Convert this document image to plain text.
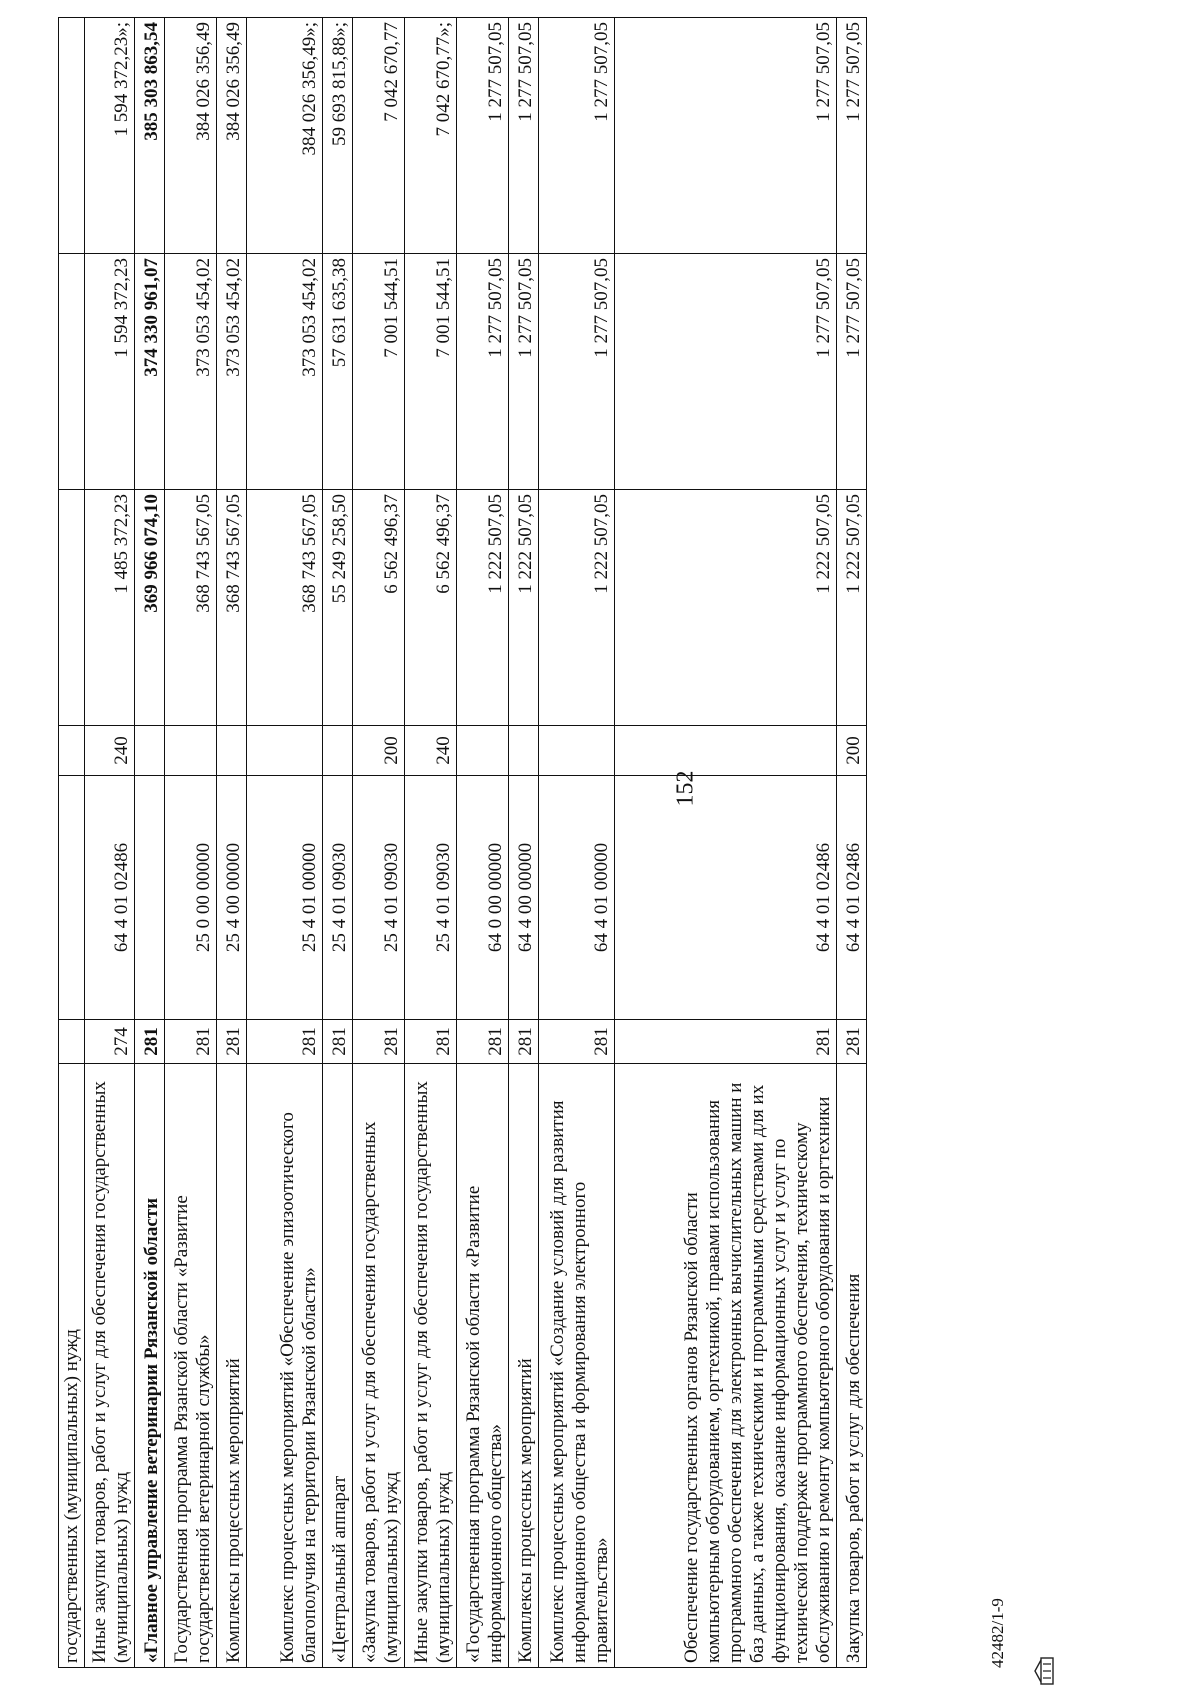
государственных (муниципальных) нужд						
Иные закупки товаров, работ и услуг для обеспечения государственных (муниципальных) нужд	274	64 4 01 02486	240	1 485 372,23	1 594 372,23	1 594 372,23»;
«Главное управление ветеринарии Рязанской области	281			369 966 074,10	374 330 961,07	385 303 863,54
Государственная программа Рязанской области «Развитие государственной ветеринарной службы»	281	25 0 00 00000		368 743 567,05	373 053 454,02	384 026 356,49
Комплексы процессных мероприятий	281	25 4 00 00000		368 743 567,05	373 053 454,02	384 026 356,49
Комплекс процессных мероприятий «Обеспечение эпизоотического благополучия на территории Рязанской области»	281	25 4 01 00000		368 743 567,05	373 053 454,02	384 026 356,49»;
«Центральный аппарат	281	25 4 01 09030		55 249 258,50	57 631 635,38	59 693 815,88»;
«Закупка товаров, работ и услуг для обеспечения государственных (муниципальных) нужд	281	25 4 01 09030	200	6 562 496,37	7 001 544,51	7 042 670,77
Иные закупки товаров, работ и услуг для обеспечения государственных (муниципальных) нужд	281	25 4 01 09030	240	6 562 496,37	7 001 544,51	7 042 670,77»;
«Государственная программа Рязанской области «Развитие информационного общества»	281	64 0 00 00000		1 222 507,05	1 277 507,05	1 277 507,05
Комплексы процессных мероприятий	281	64 4 00 00000		1 222 507,05	1 277 507,05	1 277 507,05
Комплекс процессных мероприятий «Создание условий для развития информационного общества и формирования электронного правительства»	281	64 4 01 00000		1 222 507,05	1 277 507,05	1 277 507,05
Обеспечение государственных органов Рязанской области компьютерным оборудованием, оргтехникой, правами использования программного обеспечения для электронных вычислительных машин и баз данных, а также техническими и программными средствами для их функционирования, оказание информационных услуг и услуг по технической поддержке программного обеспечения, техническому обслуживанию и ремонту компьютерного оборудования и оргтехники	281	64 4 01 02486		1 222 507,05	1 277 507,05	1 277 507,05
Закупка товаров, работ и услуг для обеспечения	281	64 4 01 02486	200	1 222 507,05	1 277 507,05	1 277 507,05
42482/1-9
152
